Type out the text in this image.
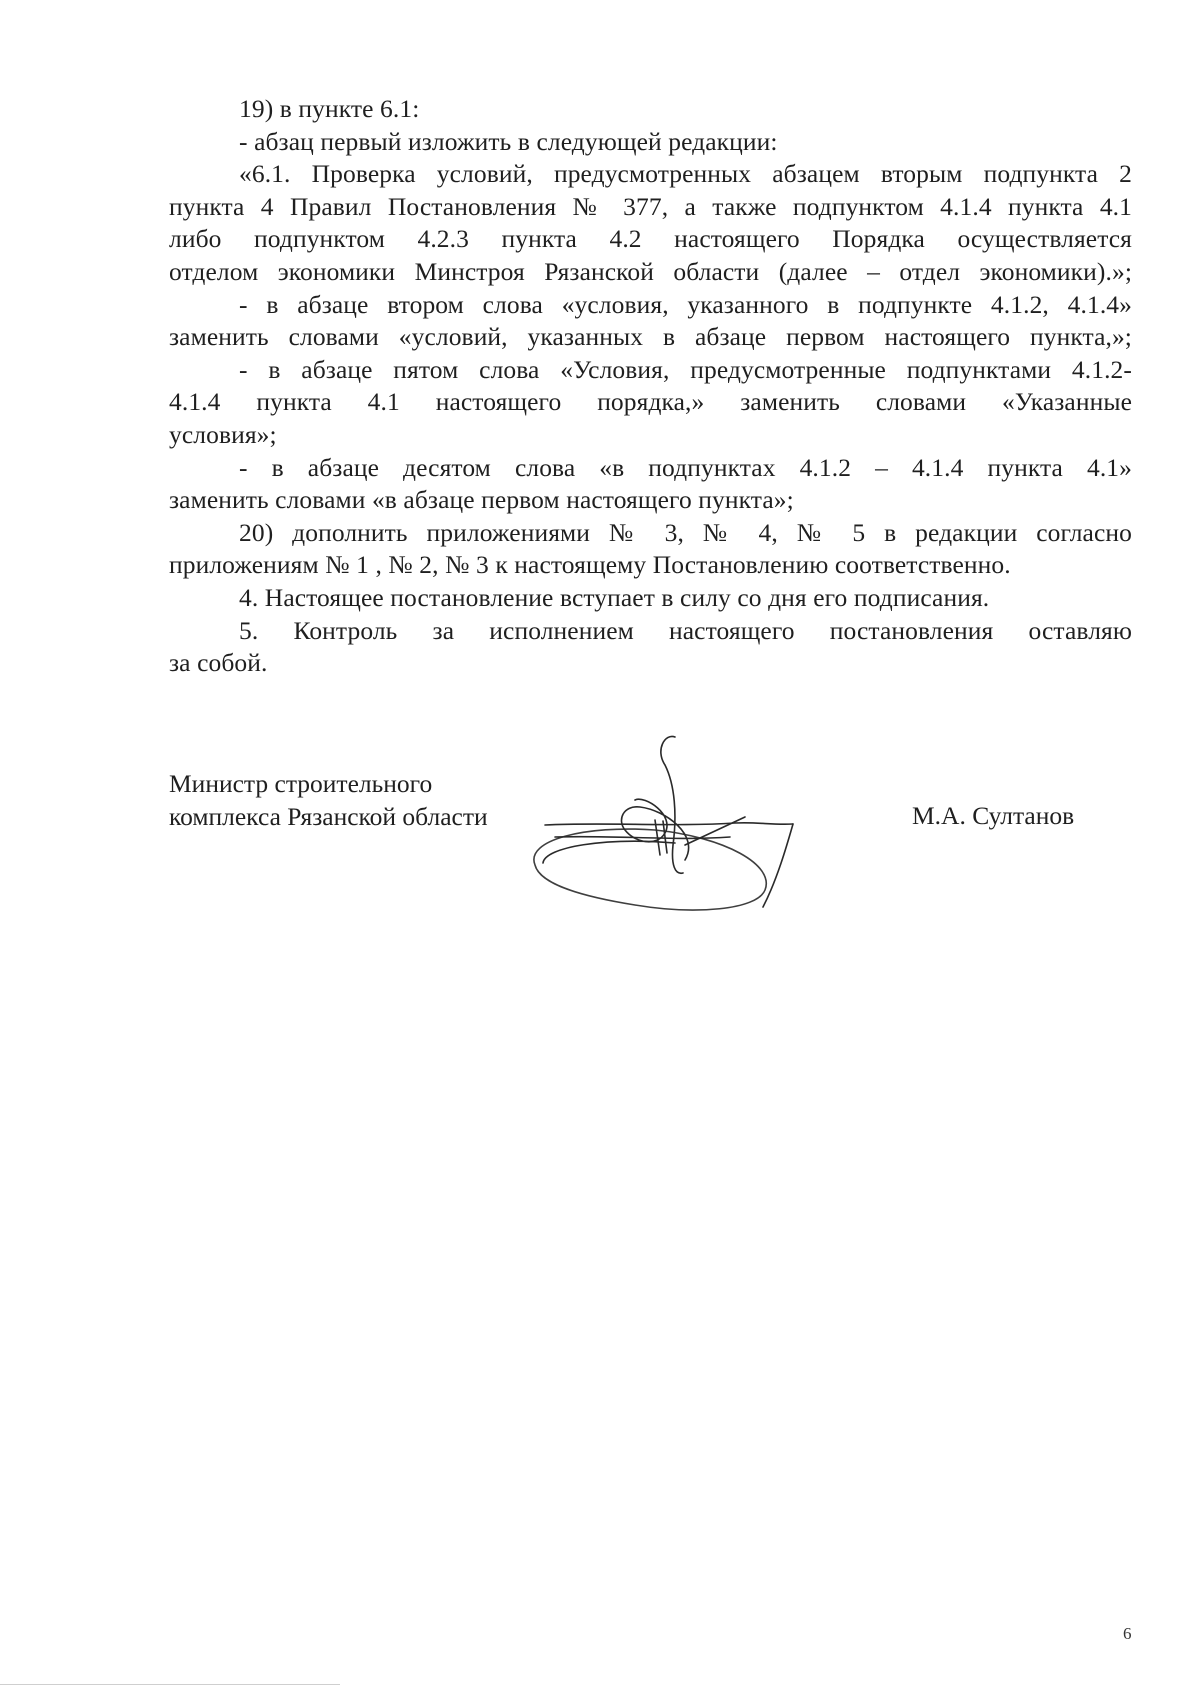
19) в пункте 6.1:
- абзац первый изложить в следующей редакции:
«6.1. Проверка условий, предусмотренных абзацем вторым подпункта 2
пункта 4 Правил Постановления № 377, а также подпунктом 4.1.4 пункта 4.1
либо подпунктом 4.2.3 пункта 4.2 настоящего Порядка осуществляется
отделом экономики Минстроя Рязанской области (далее – отдел экономики).»;
- в абзаце втором слова «условия, указанного в подпункте 4.1.2, 4.1.4»
заменить словами «условий, указанных в абзаце первом настоящего пункта,»;
- в абзаце пятом слова «Условия, предусмотренные подпунктами 4.1.2-
4.1.4 пункта 4.1 настоящего порядка,» заменить словами «Указанные
условия»;
- в абзаце десятом слова «в подпунктах 4.1.2 – 4.1.4 пункта 4.1»
заменить словами «в абзаце первом настоящего пункта»;
20) дополнить приложениями № 3, № 4, № 5 в редакции согласно
приложениям № 1 , № 2, № 3 к настоящему Постановлению соответственно.
4. Настоящее постановление вступает в силу со дня его подписания.
5. Контроль за исполнением настоящего постановления оставляю
за собой.
Министр строительного
комплекса Рязанской области	М.А. Султанов
6
